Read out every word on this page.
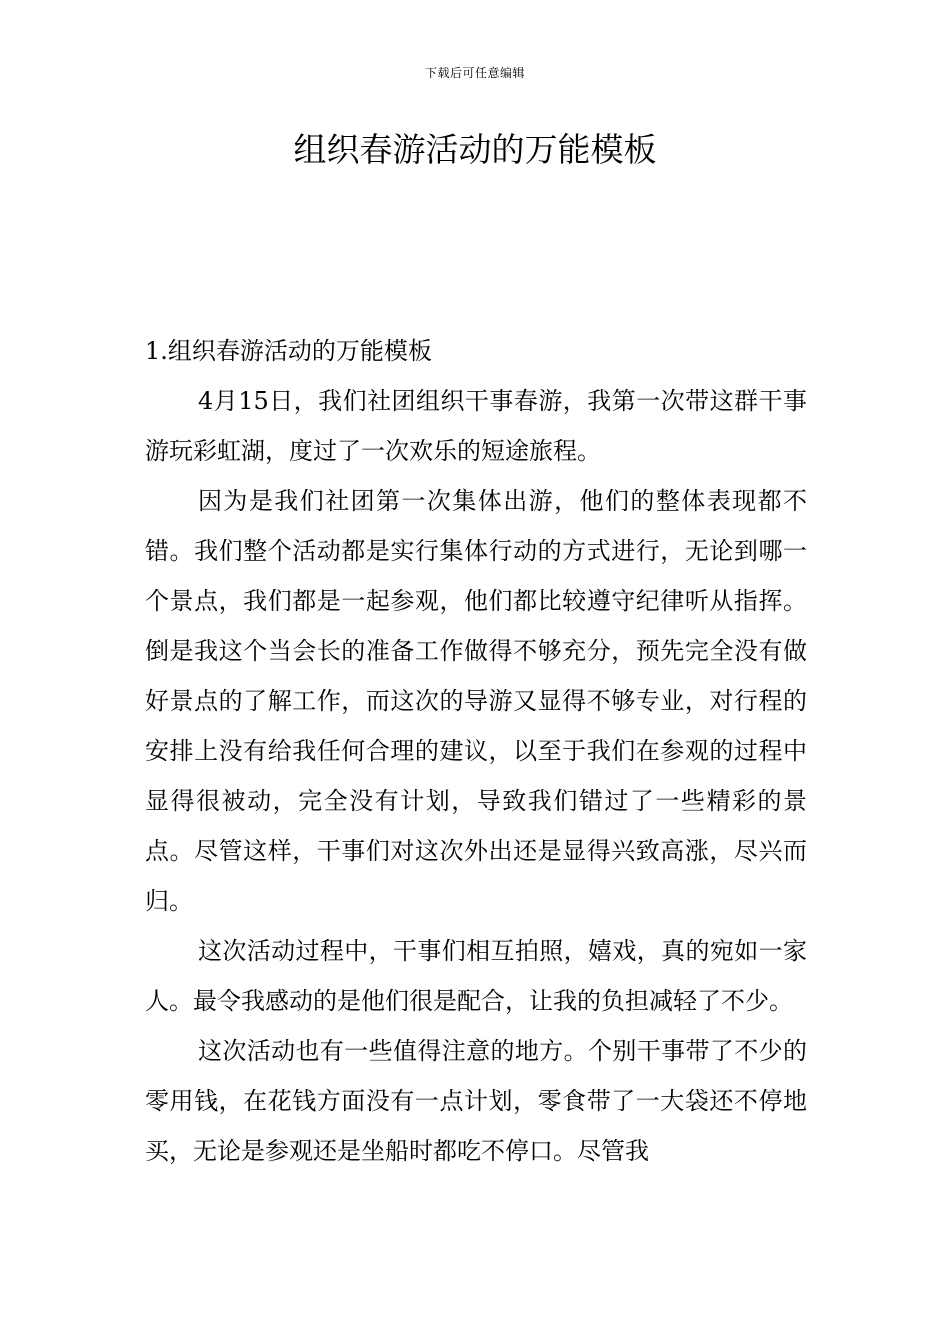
下载后可任意编辑
组织春游活动的万能模板

1.组织春游活动的万能模板

4月15日，我们社团组织干事春游，我第一次带这群干事游玩彩虹湖，度过了一次欢乐的短途旅程。

因为是我们社团第一次集体出游，他们的整体表现都不错。我们整个活动都是实行集体行动的方式进行，无论到哪一个景点，我们都是一起参观，他们都比较遵守纪律听从指挥。倒是我这个当会长的准备工作做得不够充分，预先完全没有做好景点的了解工作，而这次的导游又显得不够专业，对行程的安排上没有给我任何合理的建议，以至于我们在参观的过程中显得很被动，完全没有计划，导致我们错过了一些精彩的景点。尽管这样，干事们对这次外出还是显得兴致高涨，尽兴而归。

这次活动过程中，干事们相互拍照，嬉戏，真的宛如一家人。最令我感动的是他们很是配合，让我的负担减轻了不少。

这次活动也有一些值得注意的地方。个别干事带了不少的零用钱，在花钱方面没有一点计划，零食带了一大袋还不停地买，无论是参观还是坐船时都吃不停口。尽管我
